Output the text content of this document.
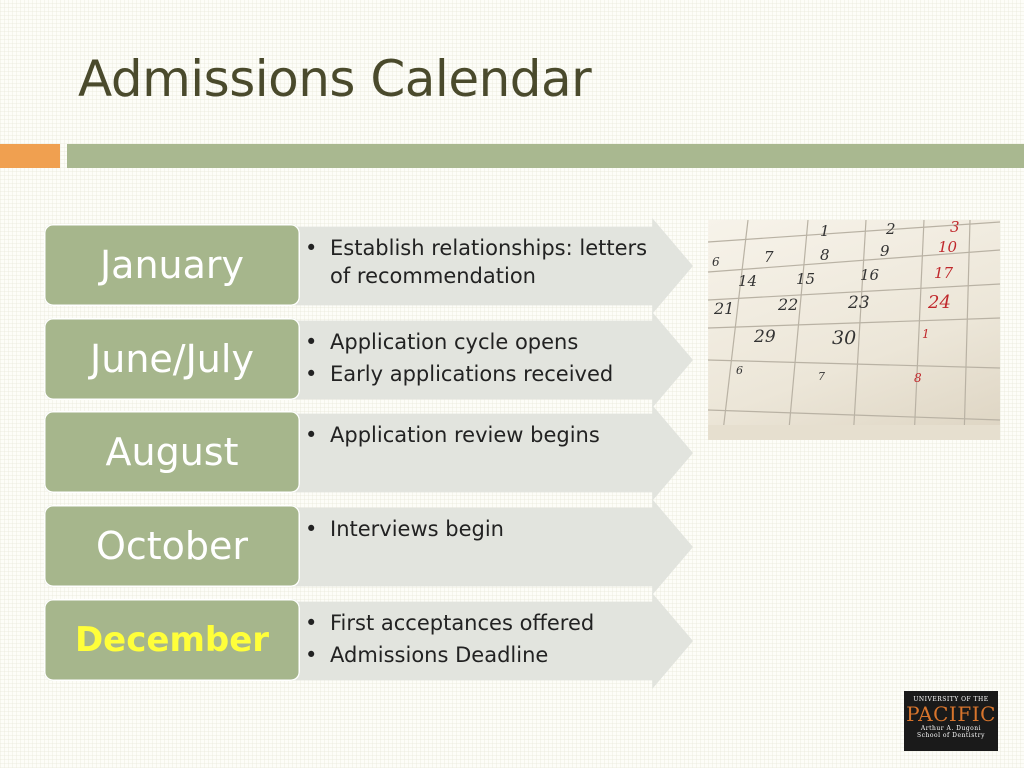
Admissions Calendar
January	• Establish relationships: letters of recommendation
June/July	• Application cycle opens
• Early applications received
August	• Application review begins
October	• Interviews begin
December	• First acceptances offered
• Admissions Deadline
1	2	3
6	7	8	9	10
14	15	16	17
21	22	23	24
29	30	1
6	7	8
UNIVERSITY OF THE
PACIFIC
Arthur A. Dugoni
School of Dentistry
